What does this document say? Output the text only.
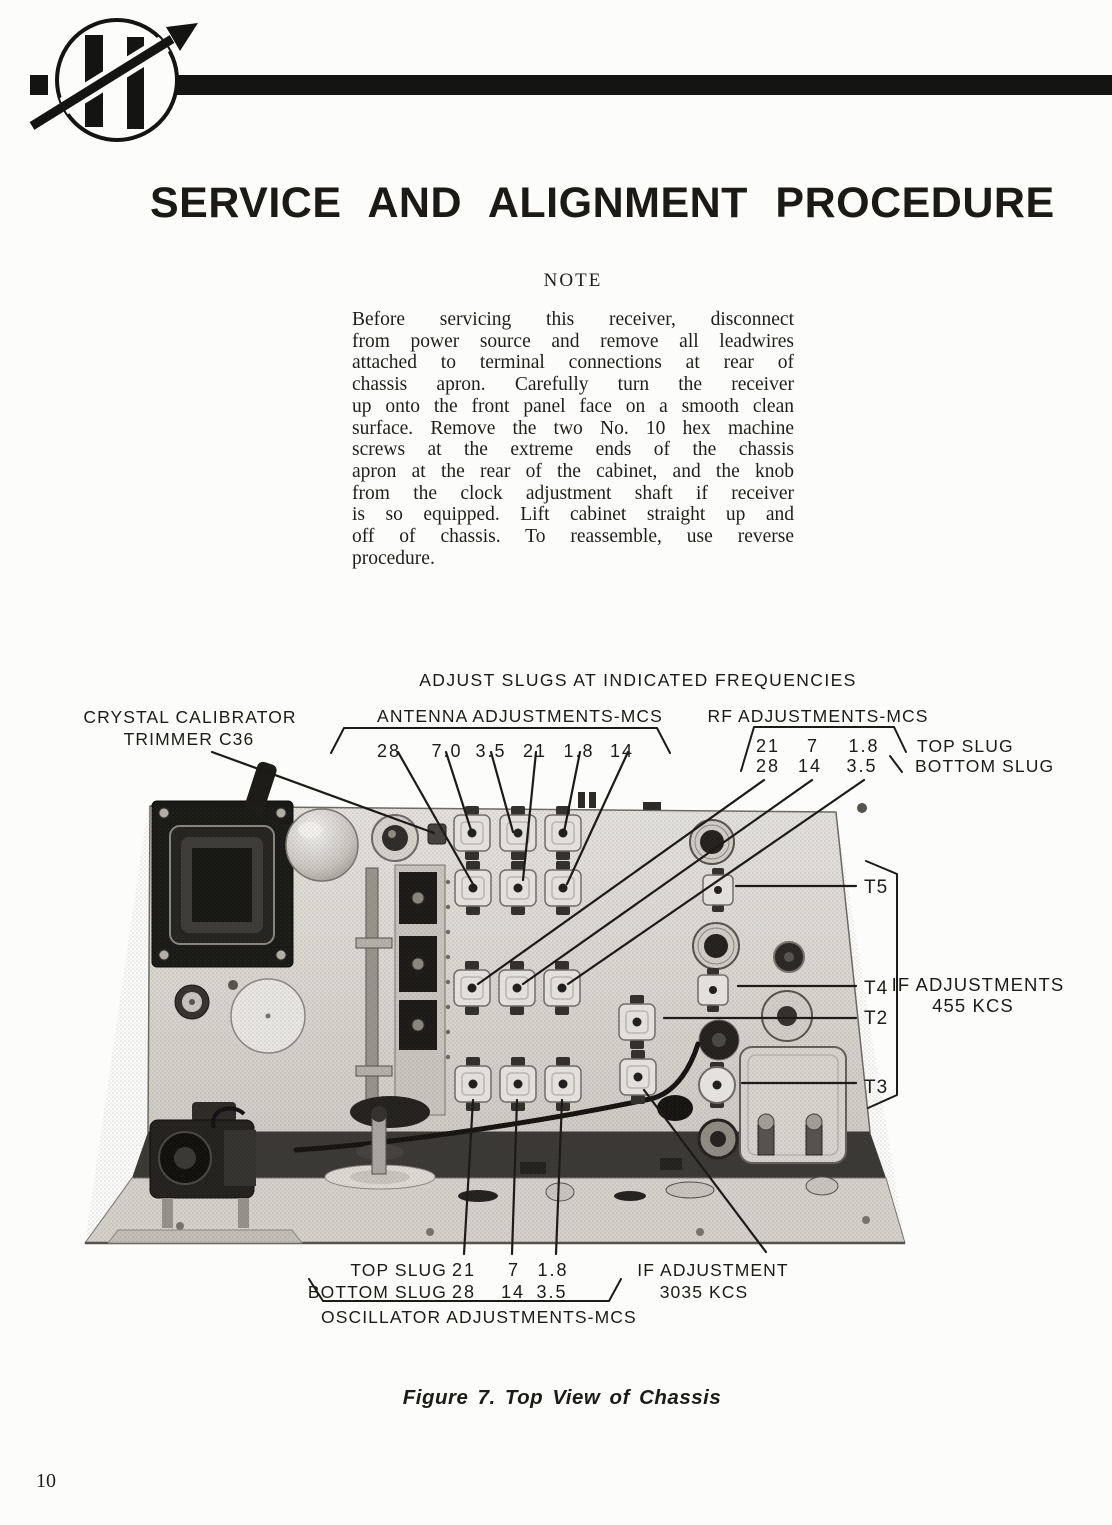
SERVICE AND ALIGNMENT PROCEDURE
NOTE
Before servicing this receiver, disconnect
from power source and remove all leadwires
attached to terminal connections at rear of
chassis apron. Carefully turn the receiver
up onto the front panel face on a smooth clean
surface. Remove the two No. 10 hex machine
screws at the extreme ends of the chassis
apron at the rear of the cabinet, and the knob
from the clock adjustment shaft if receiver
is so equipped. Lift cabinet straight up and
off of chassis. To reassemble, use reverse
procedure.
ADJUST SLUGS AT INDICATED FREQUENCIES
CRYSTAL CALIBRATOR
TRIMMER C36
ANTENNA ADJUSTMENTS-MCS
28 7.0 3.5 21 1.8 14
RF ADJUSTMENTS-MCS
21 7 1.8
28 14 3.5
TOP SLUG
BOTTOM SLUG
T5
T4
T2
T3
IF ADJUSTMENTS
455 KCS
TOP SLUG 21 7 1.8
BOTTOM SLUG 28 14 3.5
OSCILLATOR ADJUSTMENTS-MCS
IF ADJUSTMENT
3035 KCS
Figure 7. Top View of Chassis
10
